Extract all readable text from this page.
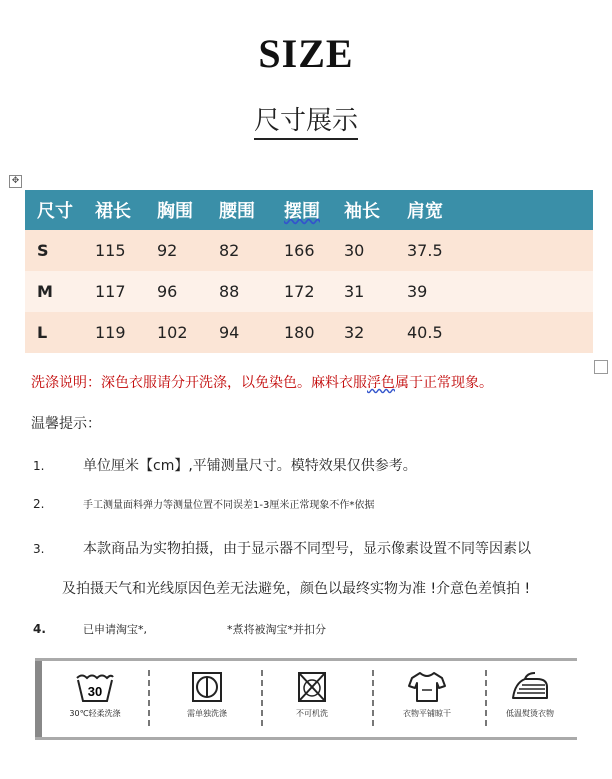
SIZE
尺寸展示
✥
尺寸	裙长	胸围	腰围	摆围	袖长	肩宽
S	115	92	82	166	30	37.5
M	117	96	88	172	31	39
L	119	102	94	180	32	40.5
洗涤说明：深色衣服请分开洗涤，以免染色。麻料衣服浮色属于正常现象。
温馨提示：
1.	单位厘米【cm】,平铺测量尺寸。模特效果仅供参考。
2.	手工测量面料弹力等测量位置不同误差1-3厘米正常现象不作*依据
3.	本款商品为实物拍摄，由于显示器不同型号，显示像素设置不同等因素以
及拍摄天气和光线原因色差无法避免，颜色以最终实物为准 !介意色差慎拍 !
4.	已申请淘宝*,	*煮将被淘宝*并扣分
30
30℃轻柔洗涤	需单独洗涤	不可机洗	衣物平铺晾干	低温熨烫衣物
